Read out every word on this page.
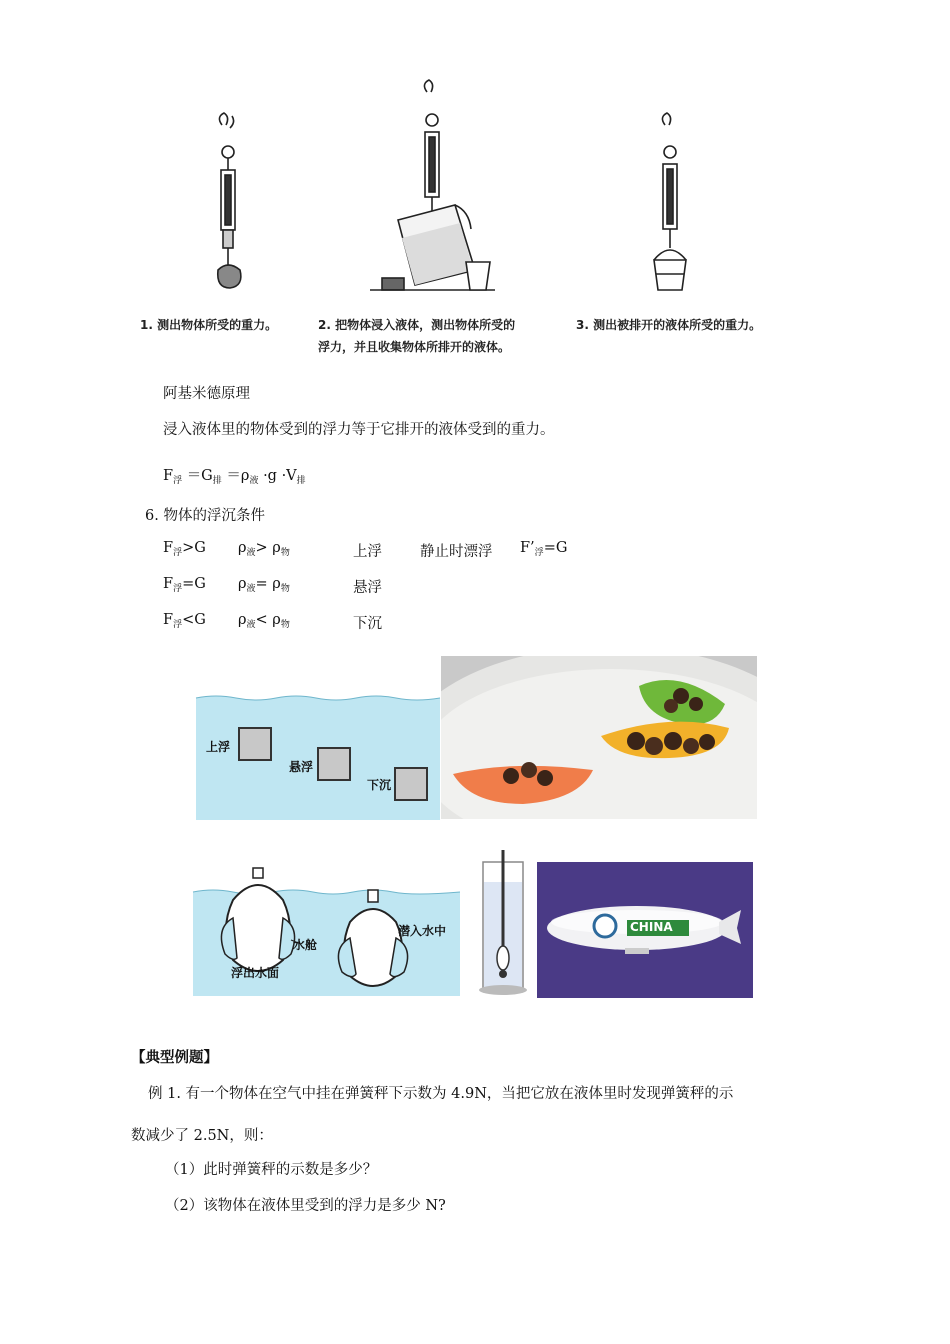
1. 测出物体所受的重力。	2. 把物体浸入液体，测出物体所受的
浮力，并且收集物体所排开的液体。
3. 测出被排开的液体所受的重力。
阿基米德原理
浸入液体里的物体受到的浮力等于它排开的液体受到的重力。
$F_浮 =G_排 =\rho_液 \cdot g \cdot V_排$
6. 物体的浮沉条件
$F_浮>G$ $\rho_液> \rho_物$	上浮	静止时漂浮 $F’_浮=G$
$F_浮=G$ $\rho_液= \rho_物$	悬浮
$F_浮<G$ $\rho_液< \rho_物$	下沉
上浮
悬浮
下沉
水舱
浮出水面
潜入水中	CHINA
【典型例题】
例 1. 有一个物体在空气中挂在弹簧秤下示数为 4.9N，当把它放在液体里时发现弹簧秤的示
数减少了 2.5N，则：
（1）此时弹簧秤的示数是多少？
（2）该物体在液体里受到的浮力是多少 N?
